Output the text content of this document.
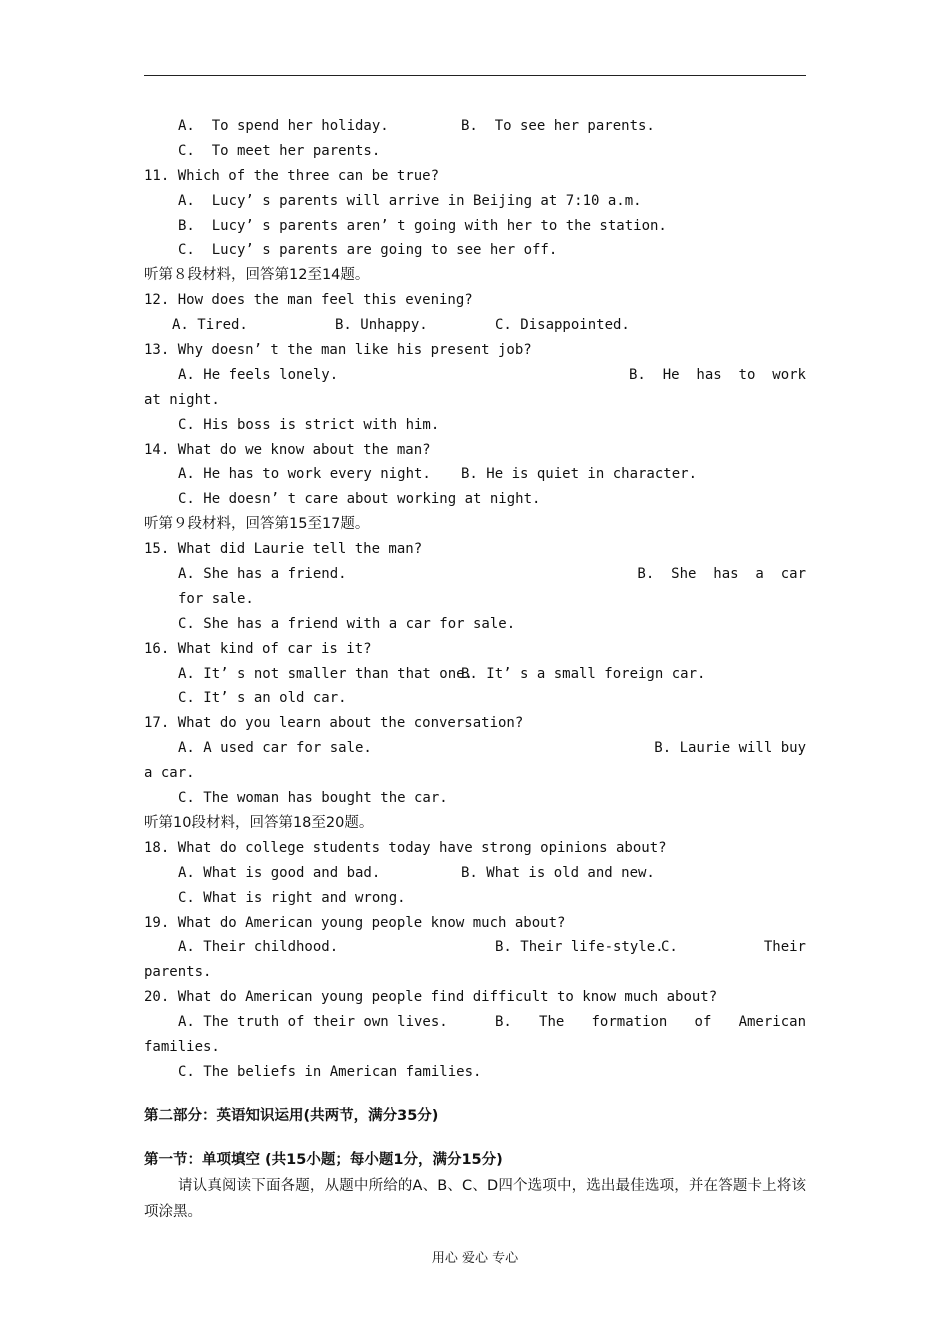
A.  To spend her holiday.	B.  To see her parents.
C.  To meet her parents.
11. Which of the three can be true?
A.  Lucy’ s parents will arrive in Beijing at 7:10 a.m.
B.  Lucy’ s parents aren’ t going with her to the station.
C.  Lucy’ s parents are going to see her off.
听第８段材料，回答第12至14题。
12. How does the man feel this evening?
A. Tired.	B. Unhappy.	C. Disappointed.
13. Why doesn’ t the man like his present job?
A. He feels lonely.	B.  He  has  to  work
at night.
C. His boss is strict with him.
14. What do we know about the man?
A. He has to work every night.	B. He is quiet in character.
C. He doesn’ t care about working at night.
听第９段材料，回答第15至17题。
15. What did Laurie tell the man?
A. She has a friend.	B.  She  has  a  car
for sale.
C. She has a friend with a car for sale.
16. What kind of car is it?
A. It’ s not smaller than that one.
B. It’ s a small foreign car.
C. It’ s an old car.
17. What do you learn about the conversation?
A. A used car for sale.	B. Laurie will buy
a car.
C. The woman has bought the car.
听第10段材料，回答第18至20题。
18. What do college students today have strong opinions about?
A. What is good and bad.	B. What is old and new.
C. What is right and wrong.
19. What do American young people know much about?
A. Their childhood.	B. Their life-style.
C.	Their
parents.
20. What do American young people find difficult to know much about?
A. The truth of their own lives.	B. The formation of American
families.
C. The beliefs in American families.
第二部分：英语知识运用(共两节，满分35分)
第一节：单项填空 (共15小题；每小题1分，满分15分)
请认真阅读下面各题，从题中所给的A、B、C、D四个选项中，选出最佳选项，并在答题卡上将该项涂黑。
用心 爱心 专心
